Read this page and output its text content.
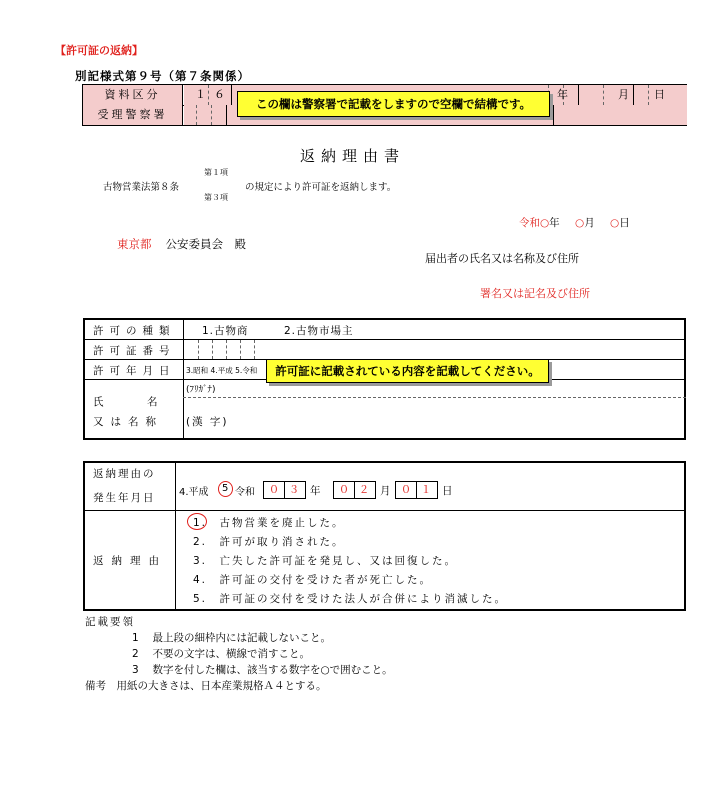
【許可証の返納】
別記様式第９号（第７条関係）
資料区分	１６	年	月 日
受理警察署
この欄は警察署で記載をしますので空欄で結構です。
返納理由書
古物営業法第８条
第１項
第３項
の規定により許可証を返納します。
令和○年 ○月 ○日
東京都 公安委員会　殿
届出者の氏名又は名称及び住所
署名又は記名及び住所
許可の種類	1.古物商	2.古物市場主
許可証番号
許可年月日 3.昭和 4.平成 5.令和
氏　　　名
又は名称
(ﾌﾘｶﾞﾅ)
(漢 字)
許可証に記載されている内容を記載してください。
返納理由の
発生年月日 4.平成 5 令和 ０ ３ 年 ０ ２ 月 ０ １ 日
返納理由
1.　古物営業を廃止した。
2.　許可が取り消された。
3.　亡失した許可証を発見し、又は回復した。
4.　許可証の交付を受けた者が死亡した。
5.　許可証の交付を受けた法人が合併により消滅した。
記載要領
1　 最上段の細枠内には記載しないこと。
2　 不要の文字は、横線で消すこと。
3　 数字を付した欄は、該当する数字を○で囲むこと。
備考　用紙の大きさは、日本産業規格Ａ４とする。
